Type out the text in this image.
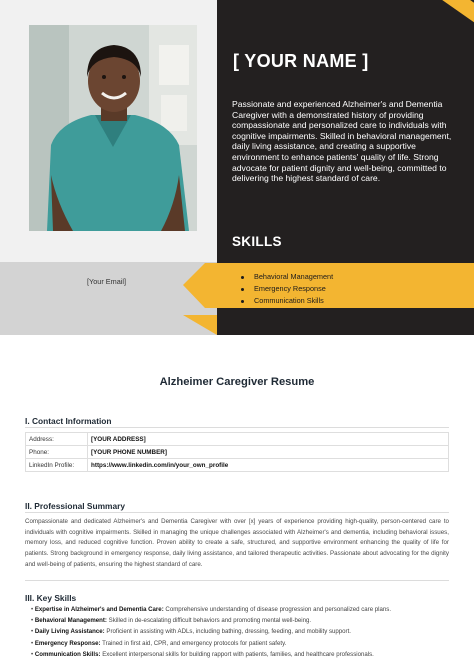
[ YOUR NAME ]
Passionate and experienced Alzheimer's and Dementia Caregiver with a demonstrated history of providing compassionate and personalized care to individuals with cognitive impairments. Skilled in behavioral management, daily living assistance, and creating a supportive environment to enhance patients' quality of life. Strong advocate for patient dignity and well-being, committed to delivering the highest standard of care.
SKILLS
Behavioral Management
Emergency Response
Communication Skills
[Your Email]
Alzheimer Caregiver Resume
I. Contact Information
Address:	[YOUR ADDRESS]
Phone:	[YOUR PHONE NUMBER]
LinkedIn Profile:	https://www.linkedin.com/in/your_own_profile
II. Professional Summary
Compassionate and dedicated Alzheimer's and Dementia Caregiver with over [x] years of experience providing high-quality, person-centered care to individuals with cognitive impairments. Skilled in managing the unique challenges associated with Alzheimer's and dementia, including behavioral issues, memory loss, and reduced cognitive function. Proven ability to create a safe, structured, and supportive environment enhancing the quality of life for patients. Strong background in emergency response, daily living assistance, and tailored therapeutic activities. Passionate about advocating for the dignity and well-being of patients, ensuring the highest standard of care.
III. Key Skills
• Expertise in Alzheimer's and Dementia Care: Comprehensive understanding of disease progression and personalized care plans.
• Behavioral Management: Skilled in de-escalating difficult behaviors and promoting mental well-being.
• Daily Living Assistance: Proficient in assisting with ADLs, including bathing, dressing, feeding, and mobility support.
• Emergency Response: Trained in first aid, CPR, and emergency protocols for patient safety.
• Communication Skills: Excellent interpersonal skills for building rapport with patients, families, and healthcare professionals.
